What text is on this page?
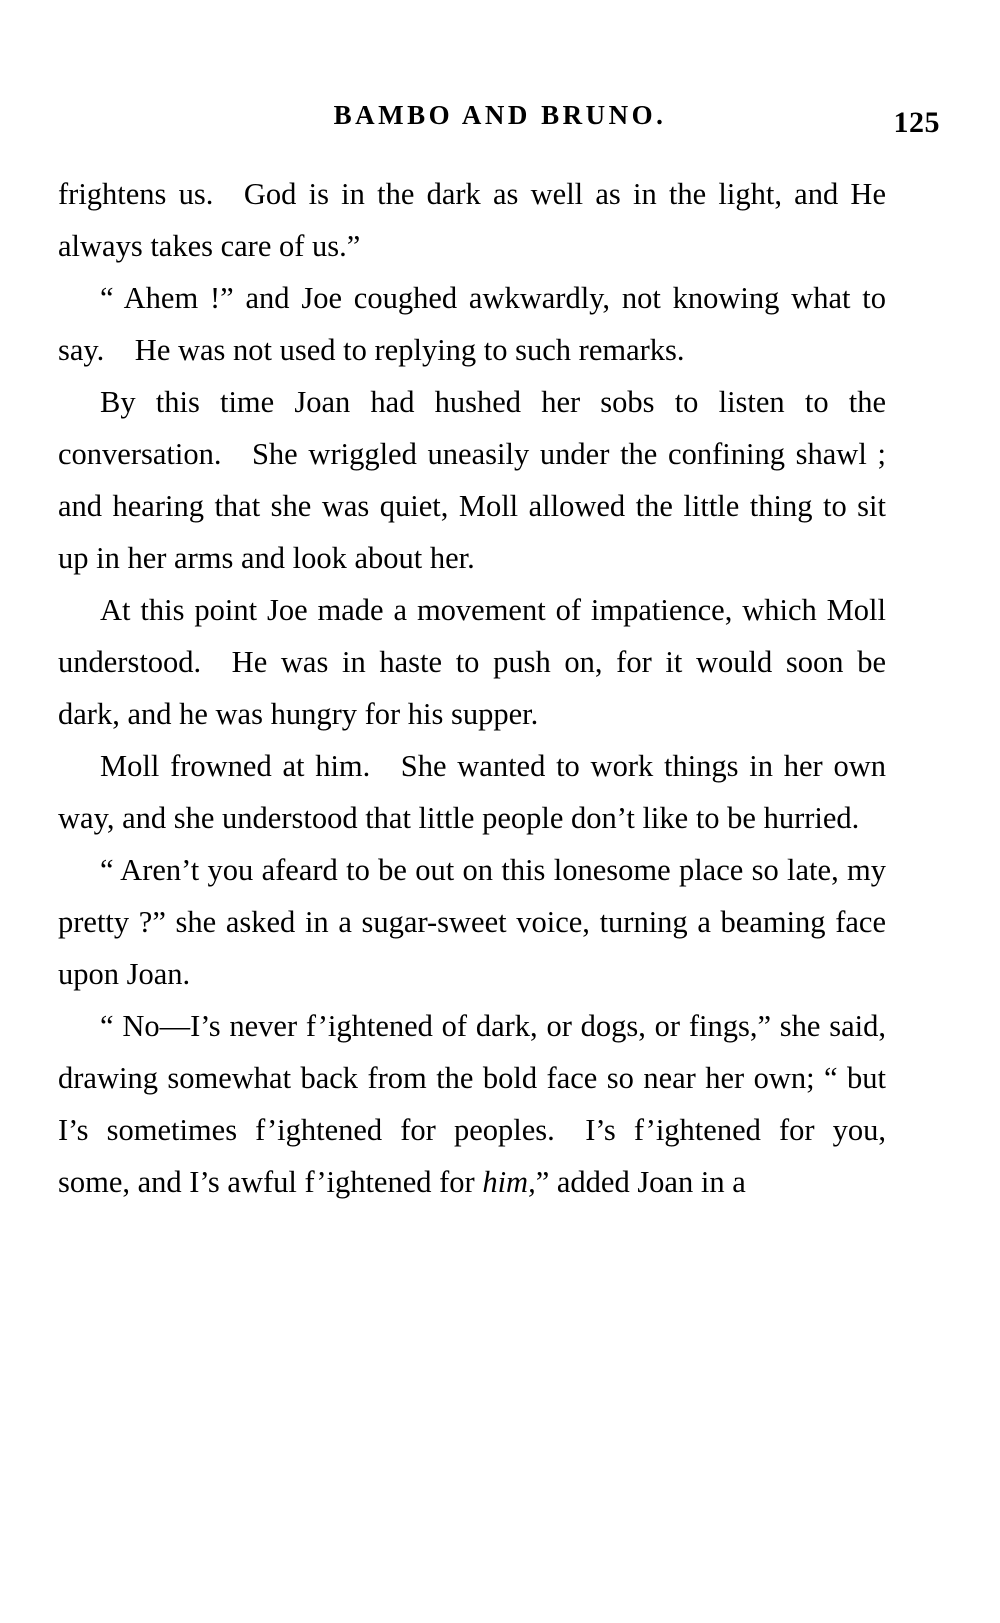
BAMBO AND BRUNO.	125

frightens us. God is in the dark as well as in the light, and He always takes care of us.”

“ Ahem !” and Joe coughed awkwardly, not knowing what to say. He was not used to replying to such remarks.

By this time Joan had hushed her sobs to listen to the conversation. She wriggled uneasily under the confining shawl ; and hearing that she was quiet, Moll allowed the little thing to sit up in her arms and look about her.

At this point Joe made a movement of impatience, which Moll understood. He was in haste to push on, for it would soon be dark, and he was hungry for his supper.

Moll frowned at him. She wanted to work things in her own way, and she understood that little people don’t like to be hurried.

“ Aren’t you afeard to be out on this lonesome place so late, my pretty ?” she asked in a sugar-sweet voice, turning a beaming face upon Joan.

“ No—I’s never f’ightened of dark, or dogs, or fings,” she said, drawing somewhat back from the bold face so near her own; “ but I’s sometimes f’ightened for peoples. I’s f’ightened for you, some, and I’s awful f’ightened for him,” added Joan in a
